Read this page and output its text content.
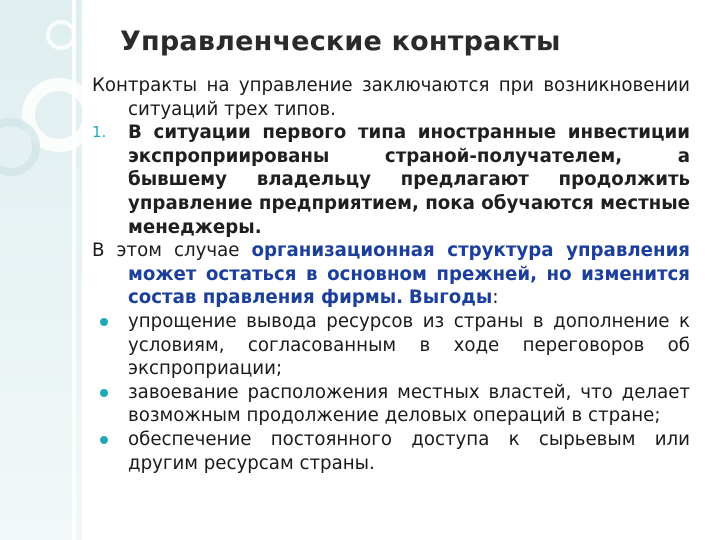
Управленческие контракты
Контракты на управление заключаются при возникновении ситуаций трех типов.
1.	В ситуации первого типа иностранные инвестиции экспроприированы страной-получателем, а бывшему владельцу предлагают продолжить управление предприятием, пока обучаются местные менеджеры.
В этом случае организационная структура управления может остаться в основном прежней, но изменится состав правления фирмы. Выгоды:
упрощение вывода ресурсов из страны в дополнение к условиям, согласованным в ходе переговоров об экспроприации;
завоевание расположения местных властей, что делает возможным продолжение деловых операций в стране;
обеспечение постоянного доступа к сырьевым или другим ресурсам страны.
